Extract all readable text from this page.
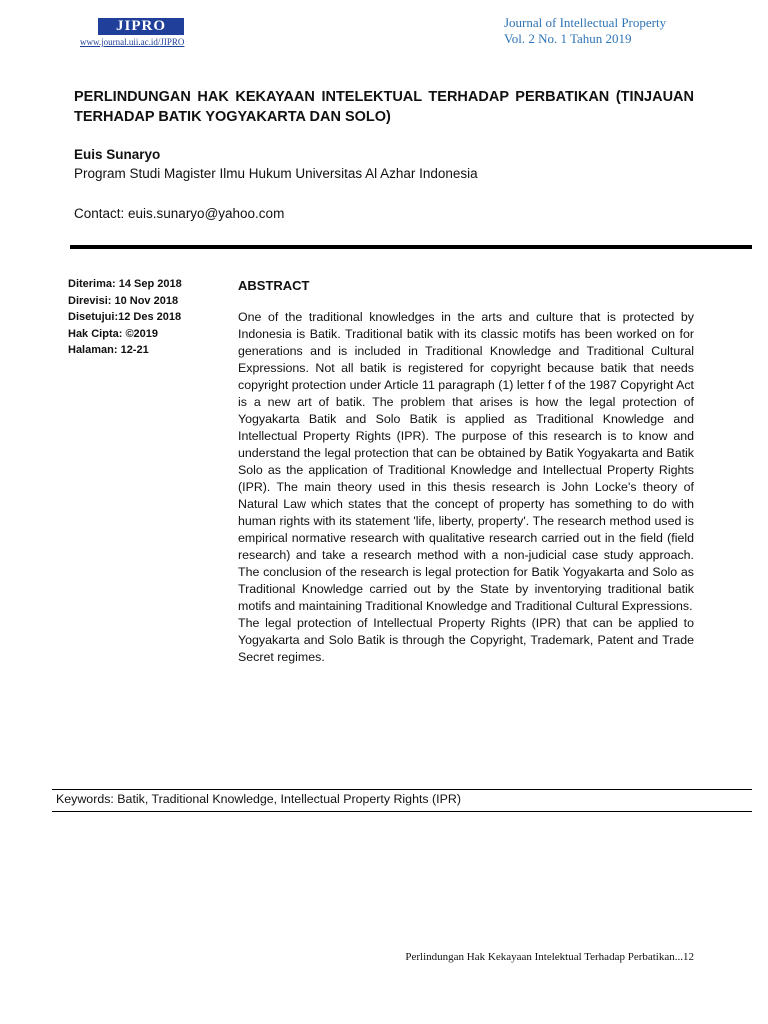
JIPRO
www.journal.uii.ac.id/JIPRO
Journal of Intellectual Property
Vol. 2 No. 1 Tahun 2019
PERLINDUNGAN HAK KEKAYAAN INTELEKTUAL TERHADAP PERBATIKAN (TINJAUAN TERHADAP BATIK YOGYAKARTA DAN SOLO)
Euis Sunaryo
Program Studi Magister Ilmu Hukum Universitas Al Azhar Indonesia
Contact: euis.sunaryo@yahoo.com
Diterima: 14 Sep 2018
Direvisi: 10 Nov 2018
Disetujui:12 Des 2018
Hak Cipta: ©2019
Halaman: 12-21
ABSTRACT

One of the traditional knowledges in the arts and culture that is protected by Indonesia is Batik. Traditional batik with its classic motifs has been worked on for generations and is included in Traditional Knowledge and Traditional Cultural Expressions. Not all batik is registered for copyright because batik that needs copyright protection under Article 11 paragraph (1) letter f of the 1987 Copyright Act is a new art of batik. The problem that arises is how the legal protection of Yogyakarta Batik and Solo Batik is applied as Traditional Knowledge and Intellectual Property Rights (IPR). The purpose of this research is to know and understand the legal protection that can be obtained by Batik Yogyakarta and Batik Solo as the application of Traditional Knowledge and Intellectual Property Rights (IPR). The main theory used in this thesis research is John Locke's theory of Natural Law which states that the concept of property has something to do with human rights with its statement 'life, liberty, property'. The research method used is empirical normative research with qualitative research carried out in the field (field research) and take a research method with a non-judicial case study approach. The conclusion of the research is legal protection for Batik Yogyakarta and Solo as Traditional Knowledge carried out by the State by inventorying traditional batik motifs and maintaining Traditional Knowledge and Traditional Cultural Expressions.

The legal protection of Intellectual Property Rights (IPR) that can be applied to Yogyakarta and Solo Batik is through the Copyright, Trademark, Patent and Trade Secret regimes.

Keywords: Batik, Traditional Knowledge, Intellectual Property Rights (IPR)
Perlindungan Hak Kekayaan Intelektual Terhadap Perbatikan...12
